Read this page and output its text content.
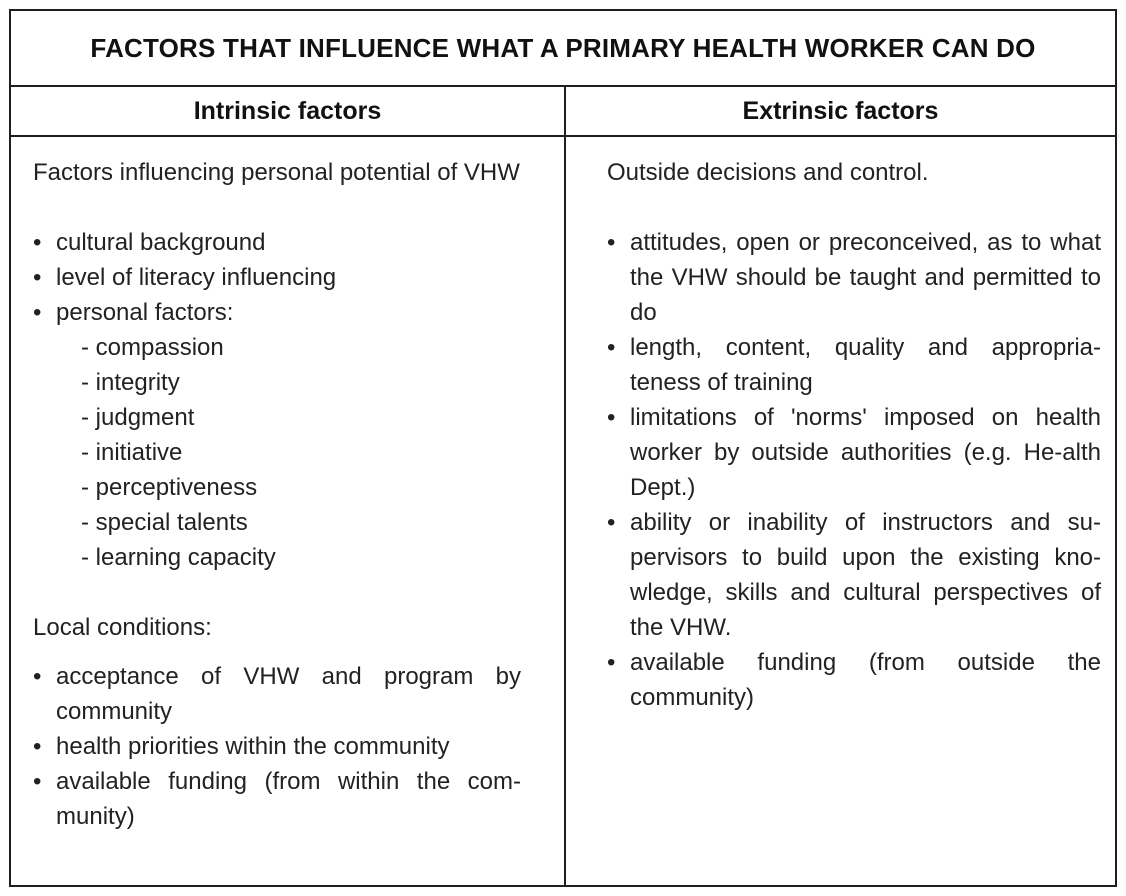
FACTORS THAT INFLUENCE WHAT A PRIMARY HEALTH WORKER CAN DO
Intrinsic factors	Extrinsic factors

Factors influencing personal potential of VHW

• cultural background
• level of literacy influencing
• personal factors:
- compassion
- integrity
- judgment
- initiative
- perceptiveness
- special talents
- learning capacity

Local conditions:

• acceptance of VHW and program by community
• health priorities within the community
• available funding (from within the com-munity)

Outside decisions and control.

• attitudes, open or preconceived, as to what the VHW should be taught and permitted to do
• length, content, quality and appropria-teness of training
• limitations of 'norms' imposed on health worker by outside authorities (e.g. He-alth Dept.)
• ability or inability of instructors and su-pervisors to build upon the existing kno-wledge, skills and cultural perspectives of the VHW.
• available funding (from outside the community)
